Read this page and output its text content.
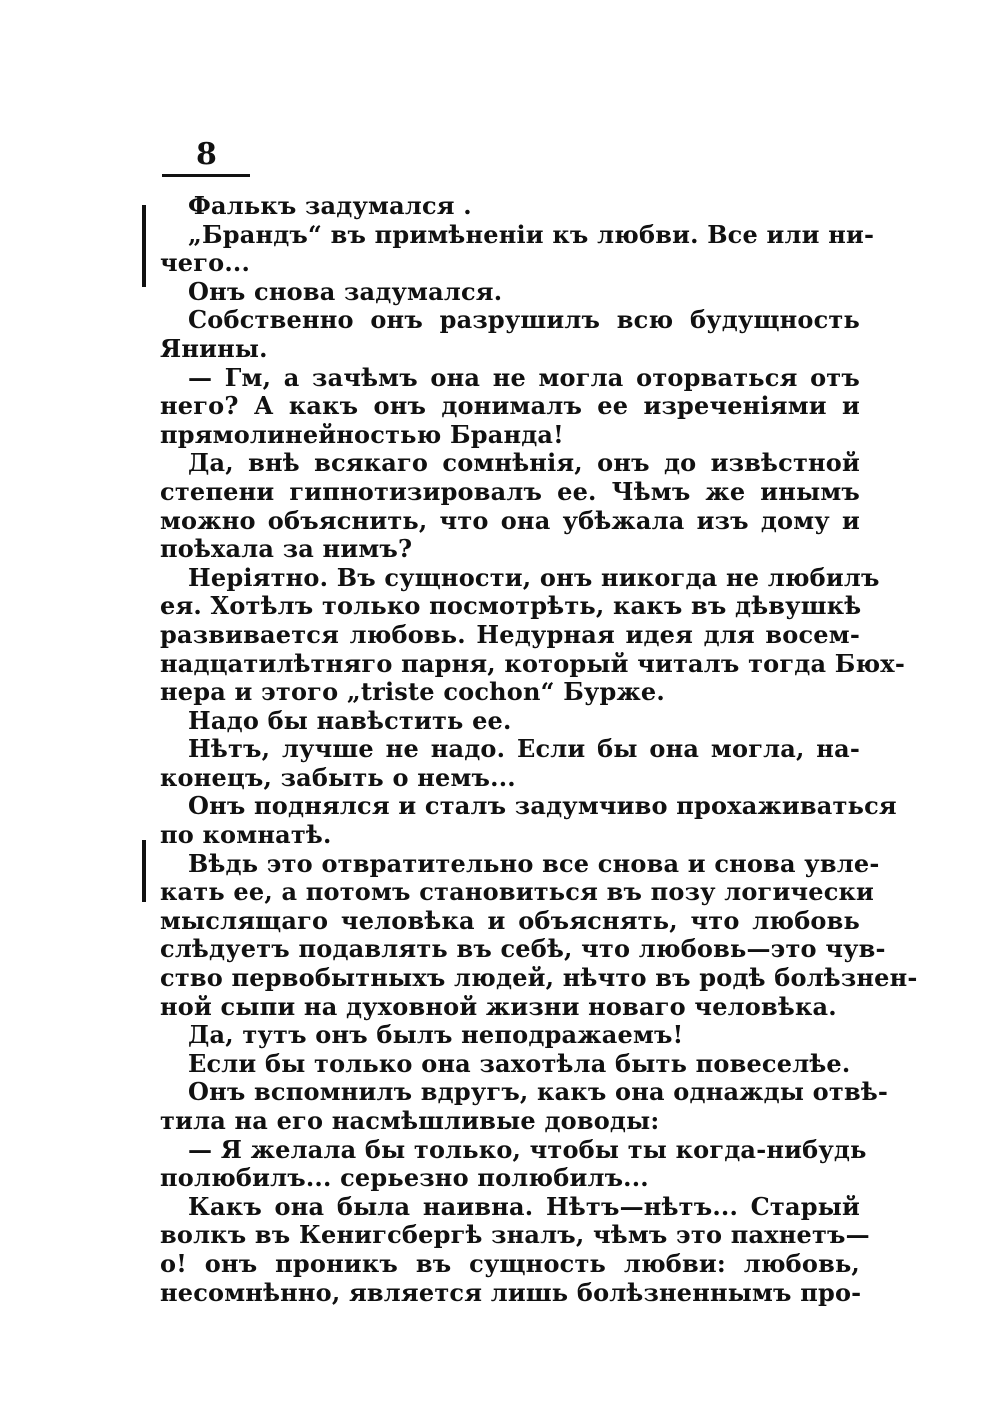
8
Фалькъ задумался .
„Брандъ“ въ примѣненіи къ любви. Все или ни-
чего...
Онъ снова задумался.
Собственно онъ разрушилъ всю будущность
Янины.
— Гм, а зачѣмъ она не могла оторваться отъ
него? А какъ онъ донималъ ее изреченіями и
прямолинейностью Бранда!
Да, внѣ всякаго сомнѣнія, онъ до извѣстной
степени гипнотизировалъ ее. Чѣмъ же инымъ
можно объяснить, что она убѣжала изъ дому и
поѣхала за нимъ?
Неріятно. Въ сущности, онъ никогда не любилъ
ея. Хотѣлъ только посмотрѣть, какъ въ дѣвушкѣ
развивается любовь. Недурная идея для восем-
надцатилѣтняго парня, который читалъ тогда Бюх-
нера и этого „triste cochon“ Бурже.
Надо бы навѣстить ее.
Нѣтъ, лучше не надо. Если бы она могла, на-
конецъ, забыть о немъ...
Онъ поднялся и сталъ задумчиво прохаживаться
по комнатѣ.
Вѣдь это отвратительно все снова и снова увле-
кать ее, а потомъ становиться въ позу логически
мыслящаго человѣка и объяснять, что любовь
слѣдуетъ подавлять въ себѣ, что любовь—это чув-
ство первобытныхъ людей, нѣчто въ родѣ болѣзнен-
ной сыпи на духовной жизни новаго человѣка.
Да, тутъ онъ былъ неподражаемъ!
Если бы только она захотѣла быть повеселѣе.
Онъ вспомнилъ вдругъ, какъ она однажды отвѣ-
тила на его насмѣшливые доводы:
— Я желала бы только, чтобы ты когда-нибудь
полюбилъ... серьезно полюбилъ...
Какъ она была наивна. Нѣтъ—нѣтъ... Старый
волкъ въ Кенигсбергѣ зналъ, чѣмъ это пахнетъ—
о! онъ проникъ въ сущность любви: любовь,
несомнѣнно, является лишь болѣзненнымъ про-
